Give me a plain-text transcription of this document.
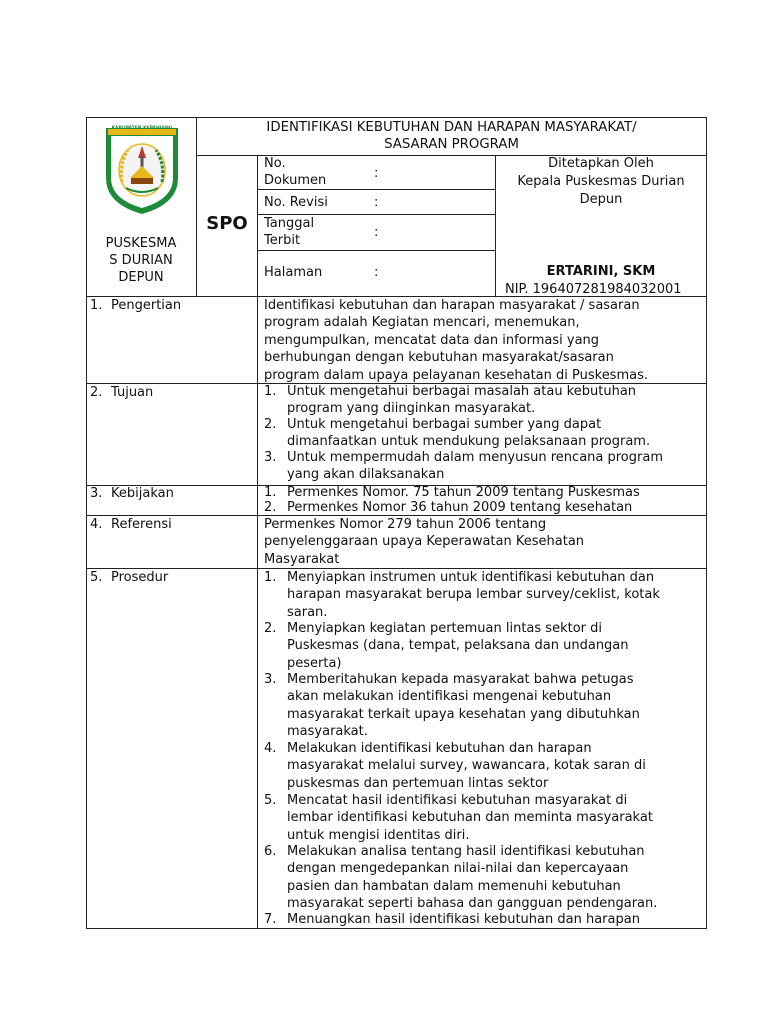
KABUPATEN KEPAHIANG
PUSKESMA
S DURIAN
DEPUN
IDENTIFIKASI KEBUTUHAN DAN HARAPAN MASYARAKAT/
SASARAN PROGRAM
SPO
No.
Dokumen	:
No. Revisi	:
Tanggal
Terbit
:
Halaman	:
Ditetapkan Oleh
Kepala Puskesmas Durian
Depun
ERTARINI, SKM
NIP. 196407281984032001
1. Pengertian	Identifikasi kebutuhan dan harapan masyarakat / sasaran
program adalah Kegiatan mencari, menemukan,
mengumpulkan, mencatat data dan informasi yang
berhubungan dengan kebutuhan masyarakat/sasaran
program dalam upaya pelayanan kesehatan di Puskesmas.
2. Tujuan	1. Untuk mengetahui berbagai masalah atau kebutuhan
program yang diinginkan masyarakat.
2. Untuk mengetahui berbagai sumber yang dapat
dimanfaatkan untuk mendukung pelaksanaan program.
3. Untuk mempermudah dalam menyusun rencana program
yang akan dilaksanakan
3. Kebijakan	1. Permenkes Nomor. 75 tahun 2009 tentang Puskesmas
2. Permenkes Nomor 36 tahun 2009 tentang kesehatan
4. Referensi	Permenkes Nomor 279 tahun 2006 tentang
penyelenggaraan upaya Keperawatan Kesehatan
Masyarakat
5. Prosedur	1. Menyiapkan instrumen untuk identifikasi kebutuhan dan
harapan masyarakat berupa lembar survey/ceklist, kotak
saran.
2. Menyiapkan kegiatan pertemuan lintas sektor di
Puskesmas (dana, tempat, pelaksana dan undangan
peserta)
3. Memberitahukan kepada masyarakat bahwa petugas
akan melakukan identifikasi mengenai kebutuhan
masyarakat terkait upaya kesehatan yang dibutuhkan
masyarakat.
4. Melakukan identifikasi kebutuhan dan harapan
masyarakat melalui survey, wawancara, kotak saran di
puskesmas dan pertemuan lintas sektor
5. Mencatat hasil identifikasi kebutuhan masyarakat di
lembar identifikasi kebutuhan dan meminta masyarakat
untuk mengisi identitas diri.
6. Melakukan analisa tentang hasil identifikasi kebutuhan
dengan mengedepankan nilai-nilai dan kepercayaan
pasien dan hambatan dalam memenuhi kebutuhan
masyarakat seperti bahasa dan gangguan pendengaran.
7. Menuangkan hasil identifikasi kebutuhan dan harapan
